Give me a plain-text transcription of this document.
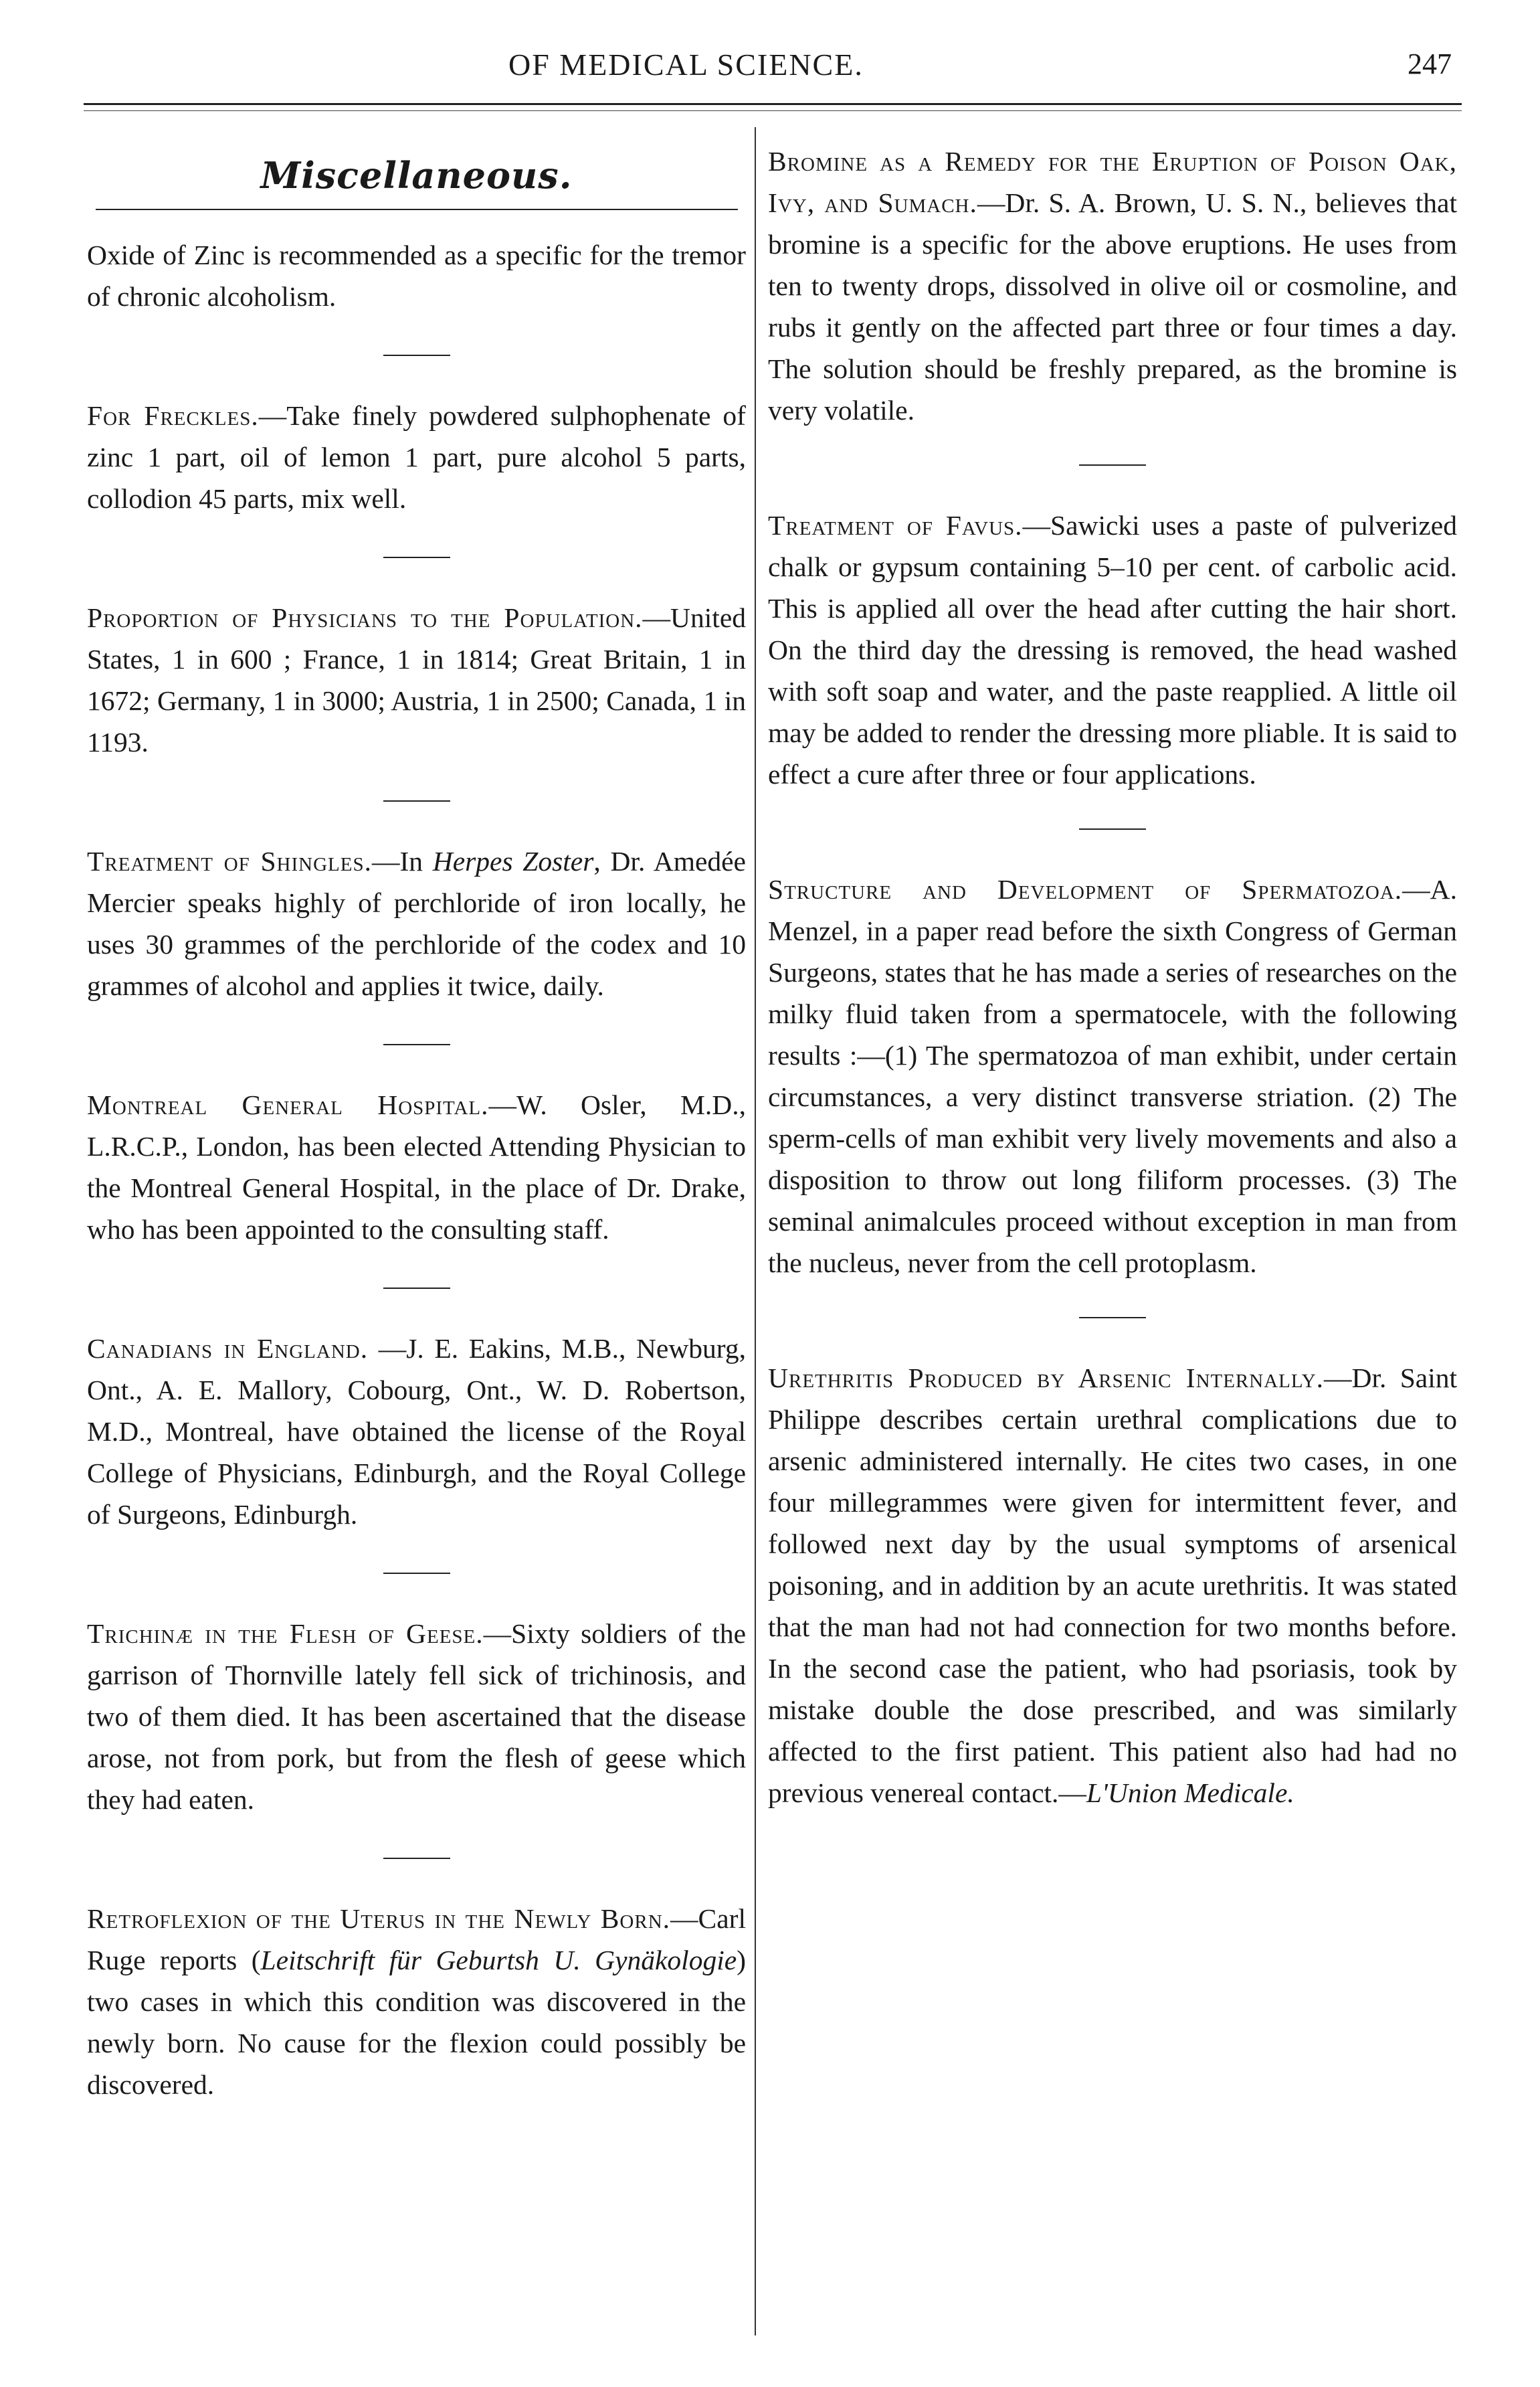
OF MEDICAL SCIENCE.	247
Miscellaneous.

Oxide of Zinc is recommended as a specific for the tremor of chronic alcoholism.

For Freckles.—Take finely powdered sulphophenate of zinc 1 part, oil of lemon 1 part, pure alcohol 5 parts, collodion 45 parts, mix well.

Proportion of Physicians to the Population.—United States, 1 in 600 ; France, 1 in 1814; Great Britain, 1 in 1672; Germany, 1 in 3000; Austria, 1 in 2500; Canada, 1 in 1193.

Treatment of Shingles.—In Herpes Zoster, Dr. Amedée Mercier speaks highly of perchloride of iron locally, he uses 30 grammes of the perchloride of the codex and 10 grammes of alcohol and applies it twice, daily.

Montreal General Hospital.—W. Osler, M.D., L.R.C.P., London, has been elected Attending Physician to the Montreal General Hospital, in the place of Dr. Drake, who has been appointed to the consulting staff.

Canadians in England. —J. E. Eakins, M.B., Newburg, Ont., A. E. Mallory, Cobourg, Ont., W. D. Robertson, M.D., Montreal, have obtained the license of the Royal College of Physicians, Edinburgh, and the Royal College of Surgeons, Edinburgh.

Trichinæ in the Flesh of Geese.—Sixty soldiers of the garrison of Thornville lately fell sick of trichinosis, and two of them died. It has been ascertained that the disease arose, not from pork, but from the flesh of geese which they had eaten.

Retroflexion of the Uterus in the Newly Born.—Carl Ruge reports (Leitschrift für Geburtsh U. Gynäkologie) two cases in which this condition was discovered in the newly born. No cause for the flexion could possibly be discovered.

Bromine as a Remedy for the Eruption of Poison Oak, Ivy, and Sumach.—Dr. S. A. Brown, U. S. N., believes that bromine is a specific for the above eruptions. He uses from ten to twenty drops, dissolved in olive oil or cosmoline, and rubs it gently on the affected part three or four times a day. The solution should be freshly prepared, as the bromine is very volatile.

Treatment of Favus.—Sawicki uses a paste of pulverized chalk or gypsum containing 5–10 per cent. of carbolic acid. This is applied all over the head after cutting the hair short. On the third day the dressing is removed, the head washed with soft soap and water, and the paste reapplied. A little oil may be added to render the dressing more pliable. It is said to effect a cure after three or four applications.

Structure and Development of Spermatozoa.—A. Menzel, in a paper read before the sixth Congress of German Surgeons, states that he has made a series of researches on the milky fluid taken from a spermatocele, with the following results :—(1) The spermatozoa of man exhibit, under certain circumstances, a very distinct transverse striation. (2) The sperm-cells of man exhibit very lively movements and also a disposition to throw out long filiform processes. (3) The seminal animalcules proceed without exception in man from the nucleus, never from the cell protoplasm.

Urethritis Produced by Arsenic Internally.—Dr. Saint Philippe describes certain urethral complications due to arsenic administered internally. He cites two cases, in one four millegrammes were given for intermittent fever, and followed next day by the usual symptoms of arsenical poisoning, and in addition by an acute urethritis. It was stated that the man had not had connection for two months before. In the second case the patient, who had psoriasis, took by mistake double the dose prescribed, and was similarly affected to the first patient. This patient also had had no previous venereal contact.—L'Union Medicale.
